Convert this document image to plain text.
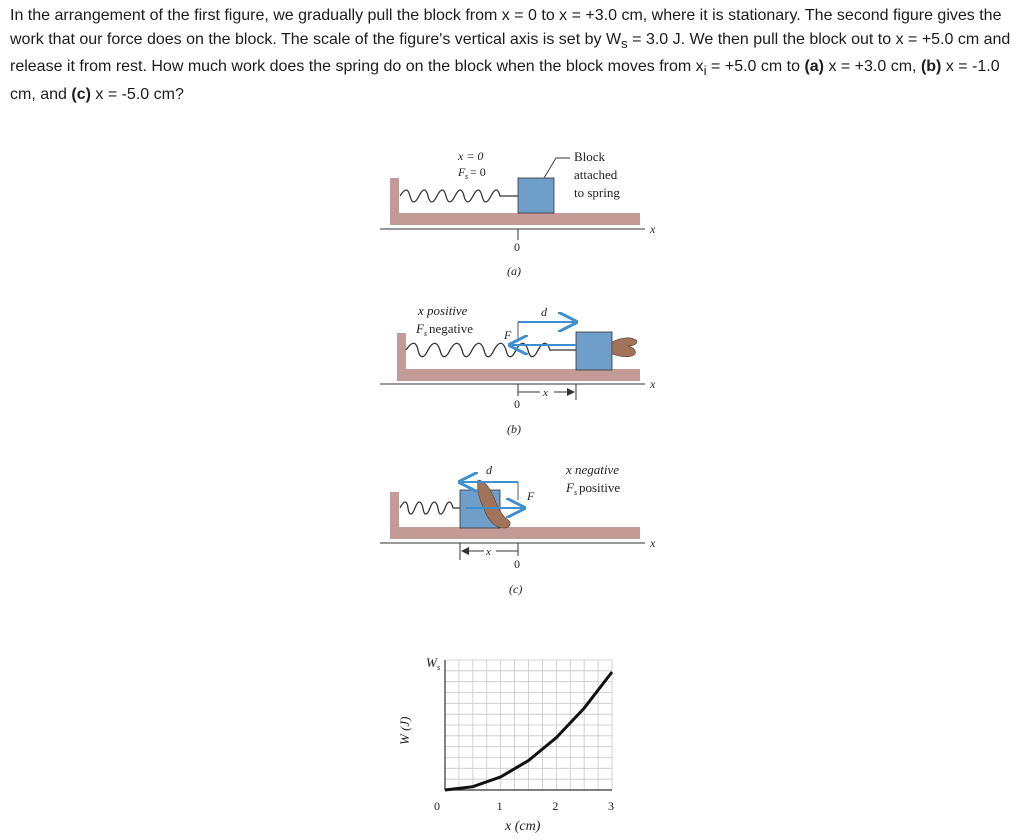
In the arrangement of the first figure, we gradually pull the block from x = 0 to x = +3.0 cm, where it is stationary. The second figure gives the work that our force does on the block. The scale of the figure's vertical axis is set by $W_s = 3.0$ J. We then pull the block out to x = +5.0 cm and release it from rest. How much work does the spring do on the block when the block moves from $x_i = +5.0$ cm to (a) x = +3.0 cm, (b) x = -1.0 cm, and (c) x = -5.0 cm?
x
0
x = 0
F s = 0
Block
attached
to spring
(a)
d
F
x
0
x
x positive
F s negative
(b)
d
F
x
0
x
x negative
F s positive
(c)
0	1	2	3
W s
W (J)
x (cm)
